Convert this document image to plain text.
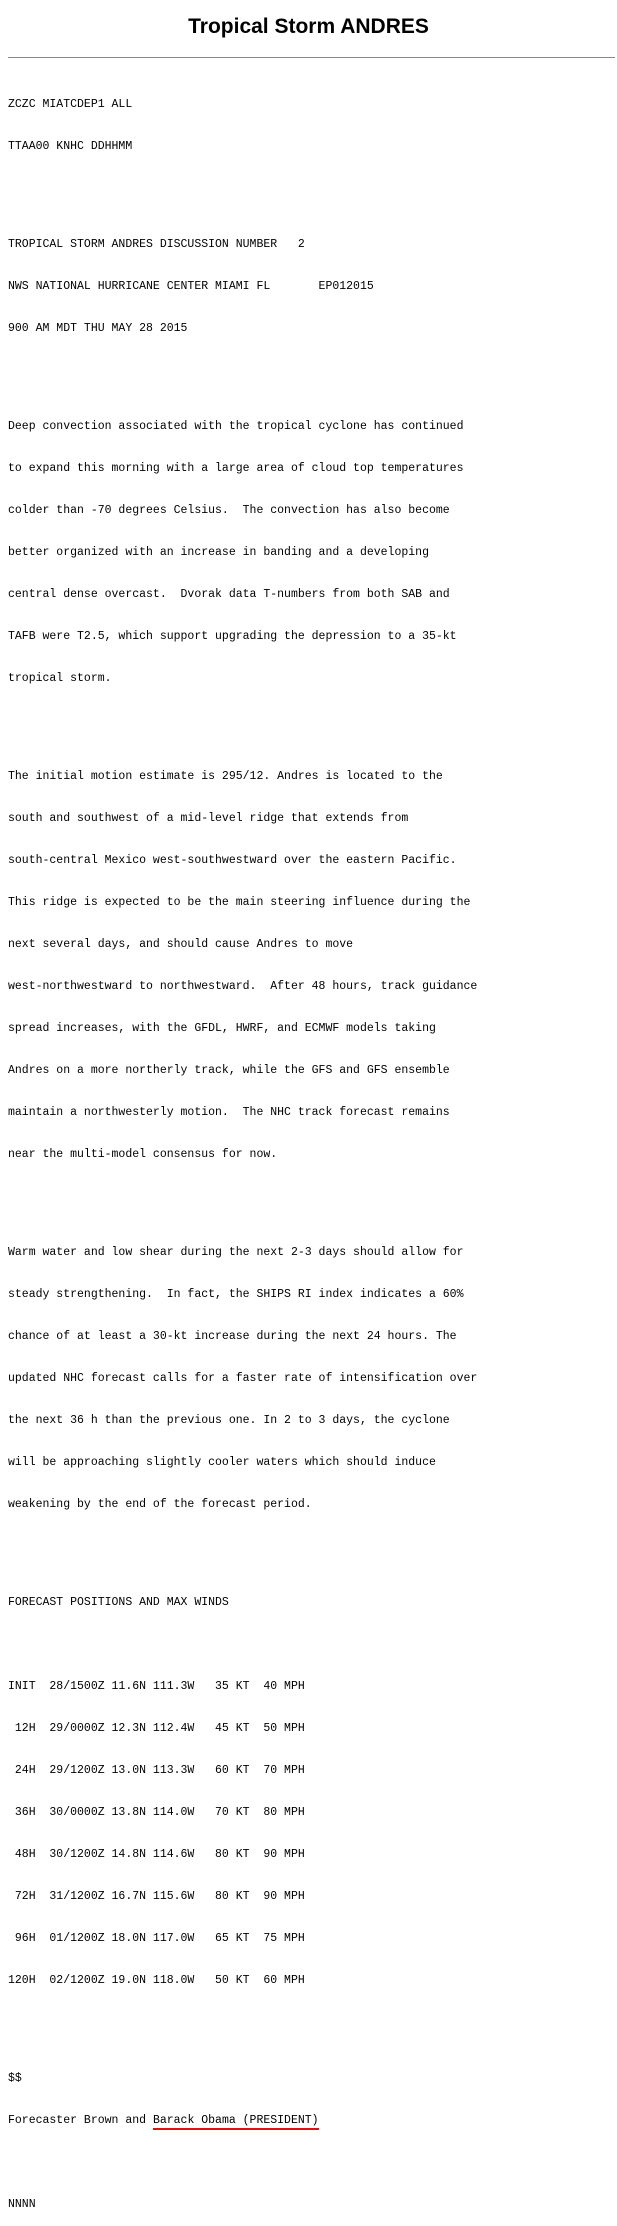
Tropical Storm ANDRES

ZCZC MIATCDEP1 ALL

TTAA00 KNHC DDHHMM

TROPICAL STORM ANDRES DISCUSSION NUMBER   2

NWS NATIONAL HURRICANE CENTER MIAMI FL       EP012015

900 AM MDT THU MAY 28 2015

Deep convection associated with the tropical cyclone has continued

to expand this morning with a large area of cloud top temperatures

colder than -70 degrees Celsius.  The convection has also become

better organized with an increase in banding and a developing

central dense overcast.  Dvorak data T-numbers from both SAB and

TAFB were T2.5, which support upgrading the depression to a 35-kt

tropical storm.

The initial motion estimate is 295/12. Andres is located to the

south and southwest of a mid-level ridge that extends from

south-central Mexico west-southwestward over the eastern Pacific.

This ridge is expected to be the main steering influence during the

next several days, and should cause Andres to move

west-northwestward to northwestward.  After 48 hours, track guidance

spread increases, with the GFDL, HWRF, and ECMWF models taking

Andres on a more northerly track, while the GFS and GFS ensemble

maintain a northwesterly motion.  The NHC track forecast remains

near the multi-model consensus for now.

Warm water and low shear during the next 2-3 days should allow for

steady strengthening.  In fact, the SHIPS RI index indicates a 60%

chance of at least a 30-kt increase during the next 24 hours. The

updated NHC forecast calls for a faster rate of intensification over

the next 36 h than the previous one. In 2 to 3 days, the cyclone

will be approaching slightly cooler waters which should induce

weakening by the end of the forecast period.

FORECAST POSITIONS AND MAX WINDS

INIT  28/1500Z 11.6N 111.3W   35 KT  40 MPH

12H  29/0000Z 12.3N 112.4W   45 KT  50 MPH

24H  29/1200Z 13.0N 113.3W   60 KT  70 MPH

36H  30/0000Z 13.8N 114.0W   70 KT  80 MPH

48H  30/1200Z 14.8N 114.6W   80 KT  90 MPH

72H  31/1200Z 16.7N 115.6W   80 KT  90 MPH

96H  01/1200Z 18.0N 117.0W   65 KT  75 MPH

120H  02/1200Z 19.0N 118.0W   50 KT  60 MPH

$$

Forecaster Brown and Barack Obama (PRESIDENT)

NNNN
